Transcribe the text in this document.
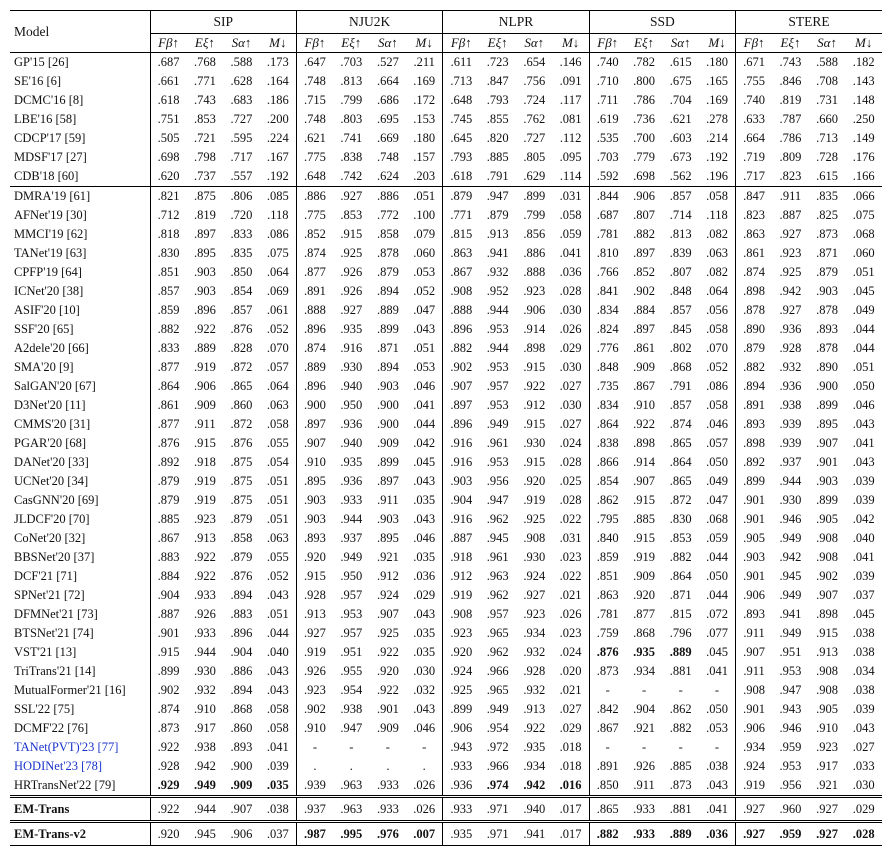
Model	SIP				NJU2K				NLPR				SSD				STERE			
	Fβ↑	Eξ↑	Sα↑	M↓	Fβ↑	Eξ↑	Sα↑	M↓	Fβ↑	Eξ↑	Sα↑	M↓	Fβ↑	Eξ↑	Sα↑	M↓	Fβ↑	Eξ↑	Sα↑	M↓
GP'15 [26]	.687	.768	.588	.173	.647	.703	.527	.211	.611	.723	.654	.146	.740	.782	.615	.180	.671	.743	.588	.182
SE'16 [6]	.661	.771	.628	.164	.748	.813	.664	.169	.713	.847	.756	.091	.710	.800	.675	.165	.755	.846	.708	.143
DCMC'16 [8]	.618	.743	.683	.186	.715	.799	.686	.172	.648	.793	.724	.117	.711	.786	.704	.169	.740	.819	.731	.148
LBE'16 [58]	.751	.853	.727	.200	.748	.803	.695	.153	.745	.855	.762	.081	.619	.736	.621	.278	.633	.787	.660	.250
CDCP'17 [59]	.505	.721	.595	.224	.621	.741	.669	.180	.645	.820	.727	.112	.535	.700	.603	.214	.664	.786	.713	.149
MDSF'17 [27]	.698	.798	.717	.167	.775	.838	.748	.157	.793	.885	.805	.095	.703	.779	.673	.192	.719	.809	.728	.176
CDB'18 [60]	.620	.737	.557	.192	.648	.742	.624	.203	.618	.791	.629	.114	.592	.698	.562	.196	.717	.823	.615	.166
DMRA'19 [61]	.821	.875	.806	.085	.886	.927	.886	.051	.879	.947	.899	.031	.844	.906	.857	.058	.847	.911	.835	.066
AFNet'19 [30]	.712	.819	.720	.118	.775	.853	.772	.100	.771	.879	.799	.058	.687	.807	.714	.118	.823	.887	.825	.075
MMCI'19 [62]	.818	.897	.833	.086	.852	.915	.858	.079	.815	.913	.856	.059	.781	.882	.813	.082	.863	.927	.873	.068
TANet'19 [63]	.830	.895	.835	.075	.874	.925	.878	.060	.863	.941	.886	.041	.810	.897	.839	.063	.861	.923	.871	.060
CPFP'19 [64]	.851	.903	.850	.064	.877	.926	.879	.053	.867	.932	.888	.036	.766	.852	.807	.082	.874	.925	.879	.051
ICNet'20 [38]	.857	.903	.854	.069	.891	.926	.894	.052	.908	.952	.923	.028	.841	.902	.848	.064	.898	.942	.903	.045
ASIF'20 [10]	.859	.896	.857	.061	.888	.927	.889	.047	.888	.944	.906	.030	.834	.884	.857	.056	.878	.927	.878	.049
SSF'20 [65]	.882	.922	.876	.052	.896	.935	.899	.043	.896	.953	.914	.026	.824	.897	.845	.058	.890	.936	.893	.044
A2dele'20 [66]	.833	.889	.828	.070	.874	.916	.871	.051	.882	.944	.898	.029	.776	.861	.802	.070	.879	.928	.878	.044
SMA'20 [9]	.877	.919	.872	.057	.889	.930	.894	.053	.902	.953	.915	.030	.848	.909	.868	.052	.882	.932	.890	.051
SalGAN'20 [67]	.864	.906	.865	.064	.896	.940	.903	.046	.907	.957	.922	.027	.735	.867	.791	.086	.894	.936	.900	.050
D3Net'20 [11]	.861	.909	.860	.063	.900	.950	.900	.041	.897	.953	.912	.030	.834	.910	.857	.058	.891	.938	.899	.046
CMMS'20 [31]	.877	.911	.872	.058	.897	.936	.900	.044	.896	.949	.915	.027	.864	.922	.874	.046	.893	.939	.895	.043
PGAR'20 [68]	.876	.915	.876	.055	.907	.940	.909	.042	.916	.961	.930	.024	.838	.898	.865	.057	.898	.939	.907	.041
DANet'20 [33]	.892	.918	.875	.054	.910	.935	.899	.045	.916	.953	.915	.028	.866	.914	.864	.050	.892	.937	.901	.043
UCNet'20 [34]	.879	.919	.875	.051	.895	.936	.897	.043	.903	.956	.920	.025	.854	.907	.865	.049	.899	.944	.903	.039
CasGNN'20 [69]	.879	.919	.875	.051	.903	.933	.911	.035	.904	.947	.919	.028	.862	.915	.872	.047	.901	.930	.899	.039
JLDCF'20 [70]	.885	.923	.879	.051	.903	.944	.903	.043	.916	.962	.925	.022	.795	.885	.830	.068	.901	.946	.905	.042
CoNet'20 [32]	.867	.913	.858	.063	.893	.937	.895	.046	.887	.945	.908	.031	.840	.915	.853	.059	.905	.949	.908	.040
BBSNet'20 [37]	.883	.922	.879	.055	.920	.949	.921	.035	.918	.961	.930	.023	.859	.919	.882	.044	.903	.942	.908	.041
DCF'21 [71]	.884	.922	.876	.052	.915	.950	.912	.036	.912	.963	.924	.022	.851	.909	.864	.050	.901	.945	.902	.039
SPNet'21 [72]	.904	.933	.894	.043	.928	.957	.924	.029	.919	.962	.927	.021	.863	.920	.871	.044	.906	.949	.907	.037
DFMNet'21 [73]	.887	.926	.883	.051	.913	.953	.907	.043	.908	.957	.923	.026	.781	.877	.815	.072	.893	.941	.898	.045
BTSNet'21 [74]	.901	.933	.896	.044	.927	.957	.925	.035	.923	.965	.934	.023	.759	.868	.796	.077	.911	.949	.915	.038
VST'21 [13]	.915	.944	.904	.040	.919	.951	.922	.035	.920	.962	.932	.024	.876	.935	.889	.045	.907	.951	.913	.038
TriTrans'21 [14]	.899	.930	.886	.043	.926	.955	.920	.030	.924	.966	.928	.020	.873	.934	.881	.041	.911	.953	.908	.034
MutualFormer'21 [16]	.902	.932	.894	.043	.923	.954	.922	.032	.925	.965	.932	.021	-	-	-	-	.908	.947	.908	.038
SSL'22 [75]	.874	.910	.868	.058	.902	.938	.901	.043	.899	.949	.913	.027	.842	.904	.862	.050	.901	.943	.905	.039
DCMF'22 [76]	.873	.917	.860	.058	.910	.947	.909	.046	.906	.954	.922	.029	.867	.921	.882	.053	.906	.946	.910	.043
TANet(PVT)'23 [77]	.922	.938	.893	.041	-	-	-	-	.943	.972	.935	.018	-	-	-	-	.934	.959	.923	.027
HODINet'23 [78]	.928	.942	.900	.039	.	.	.	.	.933	.966	.934	.018	.891	.926	.885	.038	.924	.953	.917	.033
HRTransNet'22 [79]	.929	.949	.909	.035	.939	.963	.933	.026	.936	.974	.942	.016	.850	.911	.873	.043	.919	.956	.921	.030
EM-Trans	.922	.944	.907	.038	.937	.963	.933	.026	.933	.971	.940	.017	.865	.933	.881	.041	.927	.960	.927	.029
EM-Trans-v2	.920	.945	.906	.037	.987	.995	.976	.007	.935	.971	.941	.017	.882	.933	.889	.036	.927	.959	.927	.028
